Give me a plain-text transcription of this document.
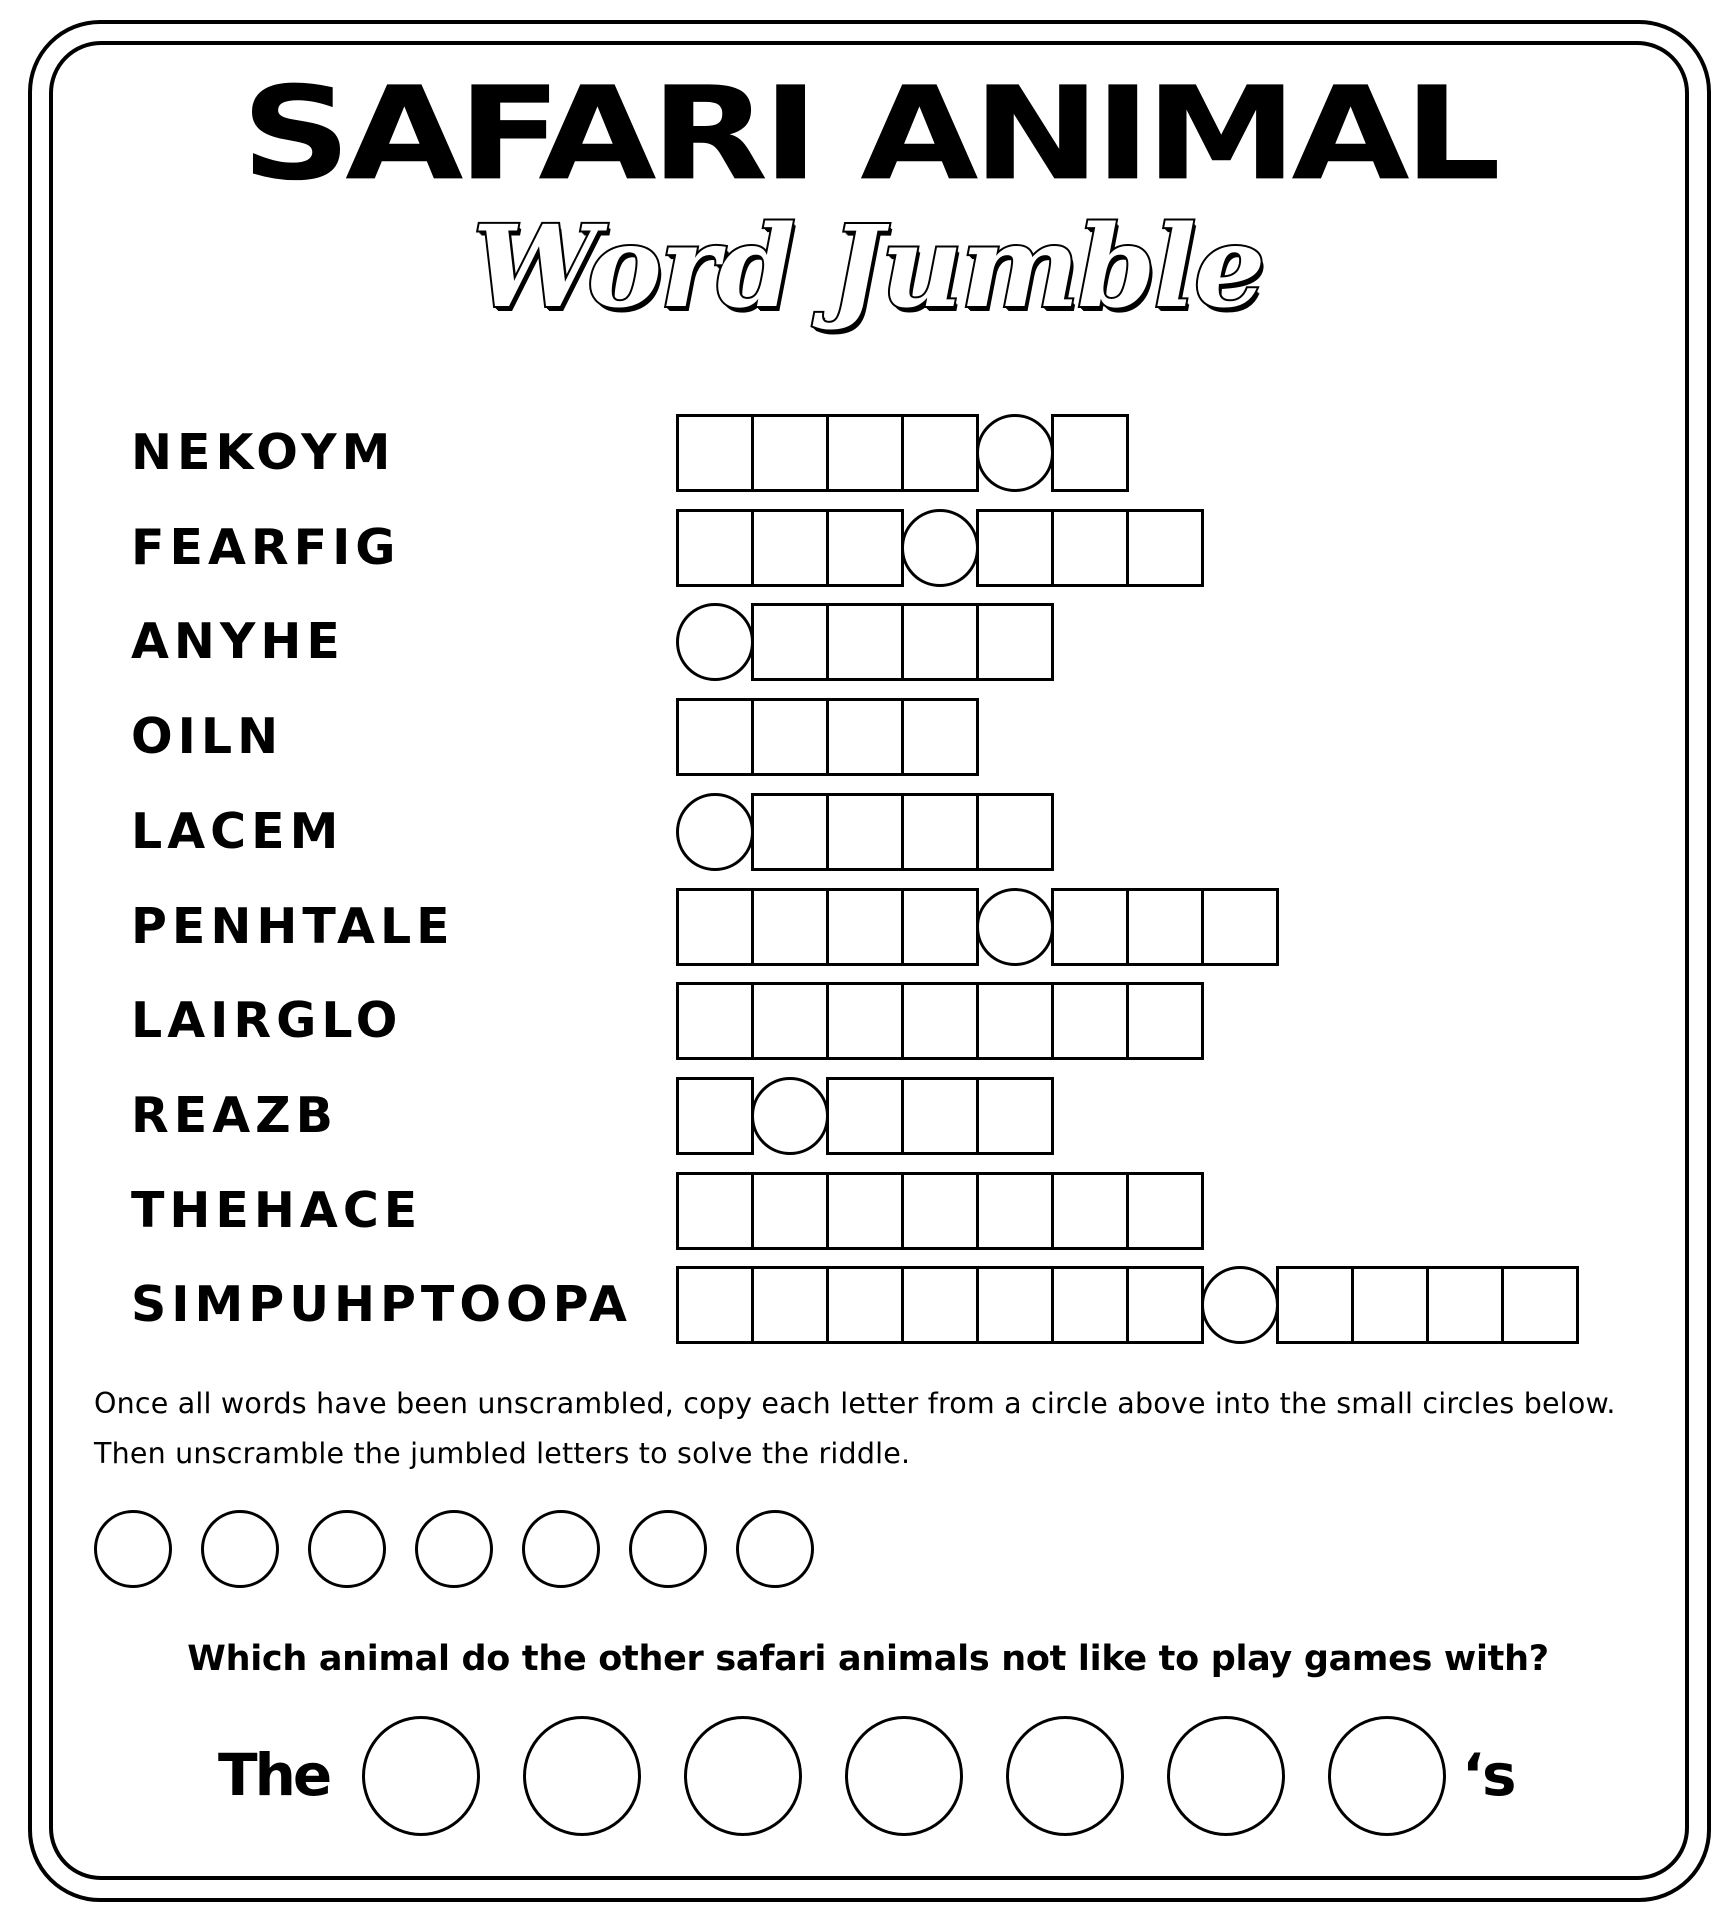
SAFARI ANIMAL
Word Jumble
NEKOYM
FEARFIG
ANYHE
OILN
LACEM
PENHTALE
LAIRGLO
REAZB
THEHACE
SIMPUHPTOOPA
Once all words have been unscrambled, copy each letter from a circle above into the small circles below.
Then unscramble the jumbled letters to solve the riddle.
Which animal do the other safari animals not like to play games with?
The	‘s
